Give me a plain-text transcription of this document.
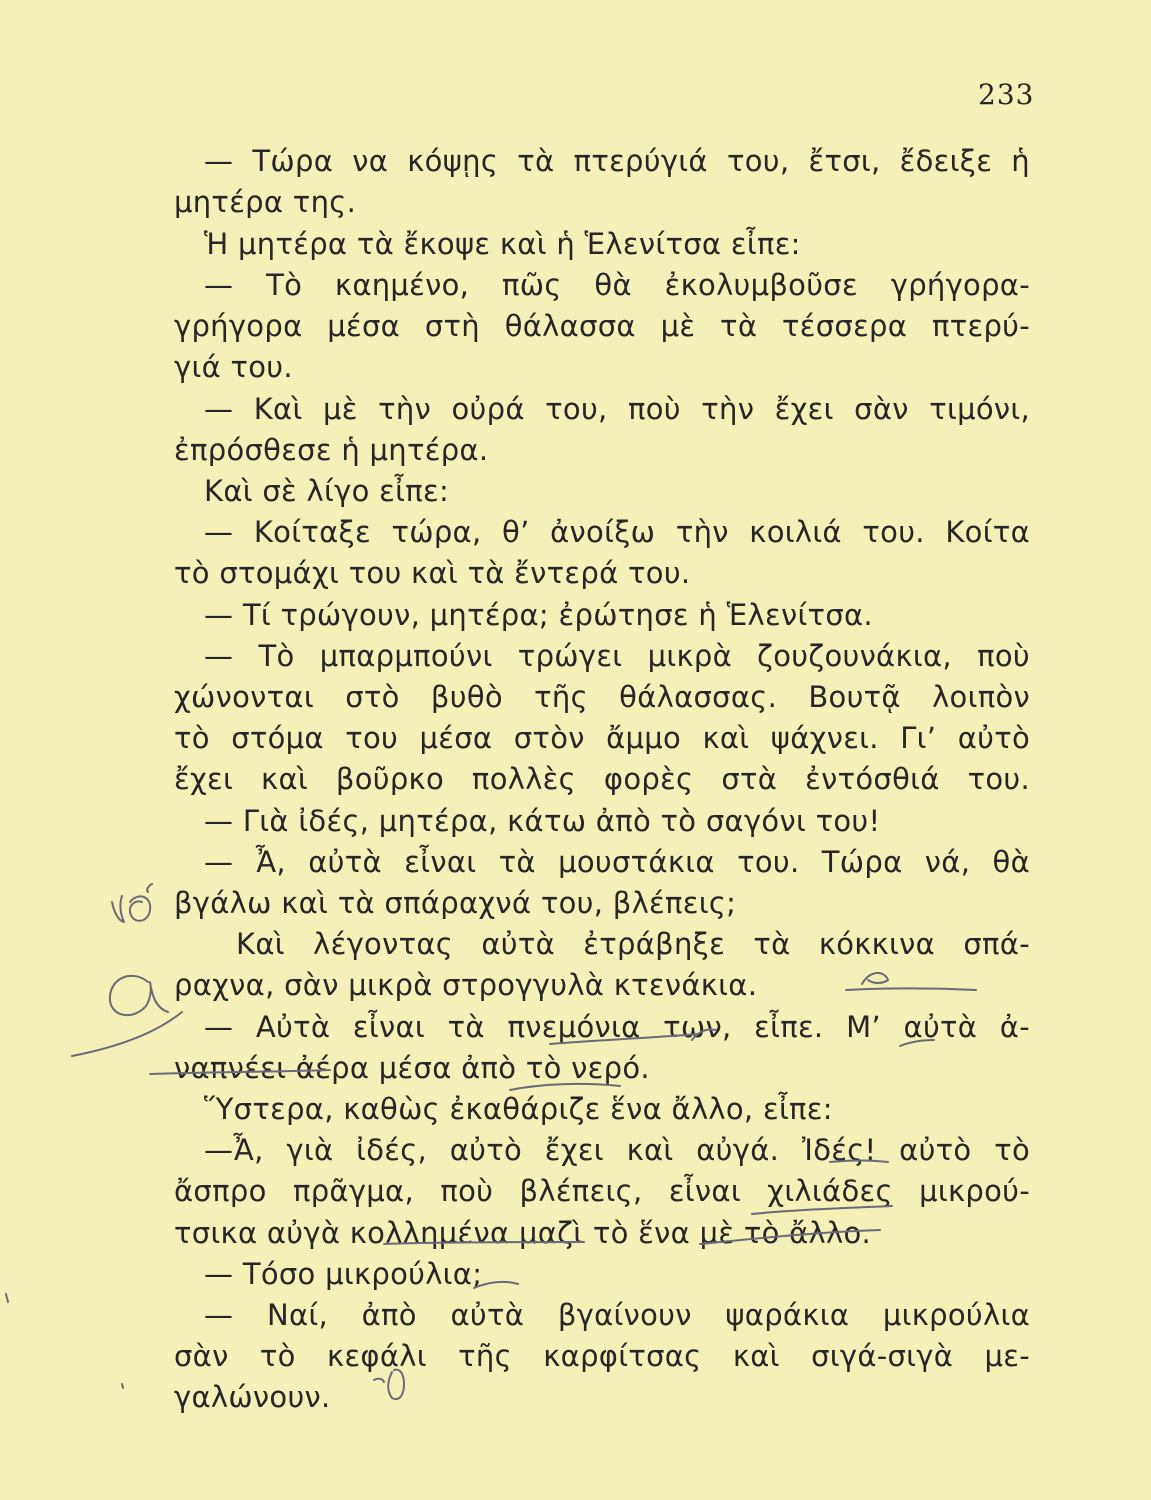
233
— Τώρα να κόψῃς τὰ πτερύγιά του, ἔτσι, ἔδειξε ἡ
μητέρα της.
Ἡ μητέρα τὰ ἔκοψε καὶ ἡ Ἑλενίτσα εἶπε:
— Τὸ καημένο, πῶς θὰ ἐκολυμβοῦσε γρήγορα-
γρήγορα μέσα στὴ θάλασσα μὲ τὰ τέσσερα πτερύ-
γιά του.
— Καὶ μὲ τὴν οὐρά του, ποὺ τὴν ἔχει σὰν τιμόνι,
ἐπρόσθεσε ἡ μητέρα.
Καὶ σὲ λίγο εἶπε:
— Κοίταξε τώρα, θ’ ἀνοίξω τὴν κοιλιά του. Κοίτα
τὸ στομάχι του καὶ τὰ ἔντερά του.
— Τί τρώγουν, μητέρα; ἐρώτησε ἡ Ἑλενίτσα.
— Τὸ μπαρμπούνι τρώγει μικρὰ ζουζουνάκια, ποὺ
χώνονται στὸ βυθὸ τῆς θάλασσας. Βουτᾷ λοιπὸν
τὸ στόμα του μέσα στὸν ἄμμο καὶ ψάχνει. Γι’ αὐτὸ
ἔχει καὶ βοῦρκο πολλὲς φορὲς στὰ ἐντόσθιά του.
— Γιὰ ἰδές, μητέρα, κάτω ἀπὸ τὸ σαγόνι του!
— Ἆ, αὐτὰ εἶναι τὰ μουστάκια του. Τώρα νά, θὰ
βγάλω καὶ τὰ σπάραχνά του, βλέπεις;
Καὶ λέγοντας αὐτὰ ἐτράβηξε τὰ κόκκινα σπά-
ραχνα, σὰν μικρὰ στρογγυλὰ κτενάκια.
— Αὐτὰ εἶναι τὰ πνεμόνια των, εἶπε. Μ’ αὐτὰ ἀ-
ναπνέει ἀέρα μέσα ἀπὸ τὸ νερό.
Ὕστερα, καθὼς ἐκαθάριζε ἕνα ἄλλο, εἶπε:
—Ἆ, γιὰ ἰδές, αὐτὸ ἔχει καὶ αὐγά. Ἰδές! αὐτὸ τὸ
ἄσπρο πρᾶγμα, ποὺ βλέπεις, εἶναι χιλιάδες μικρού-
τσικα αὐγὰ κολλημένα μαζὶ τὸ ἕνα μὲ τὸ ἄλλο.
— Τόσο μικρούλια;
— Ναί, ἀπὸ αὐτὰ βγαίνουν ψαράκια μικρούλια
σὰν τὸ κεφάλι τῆς καρφίτσας καὶ σιγά-σιγὰ με-
γαλώνουν.
